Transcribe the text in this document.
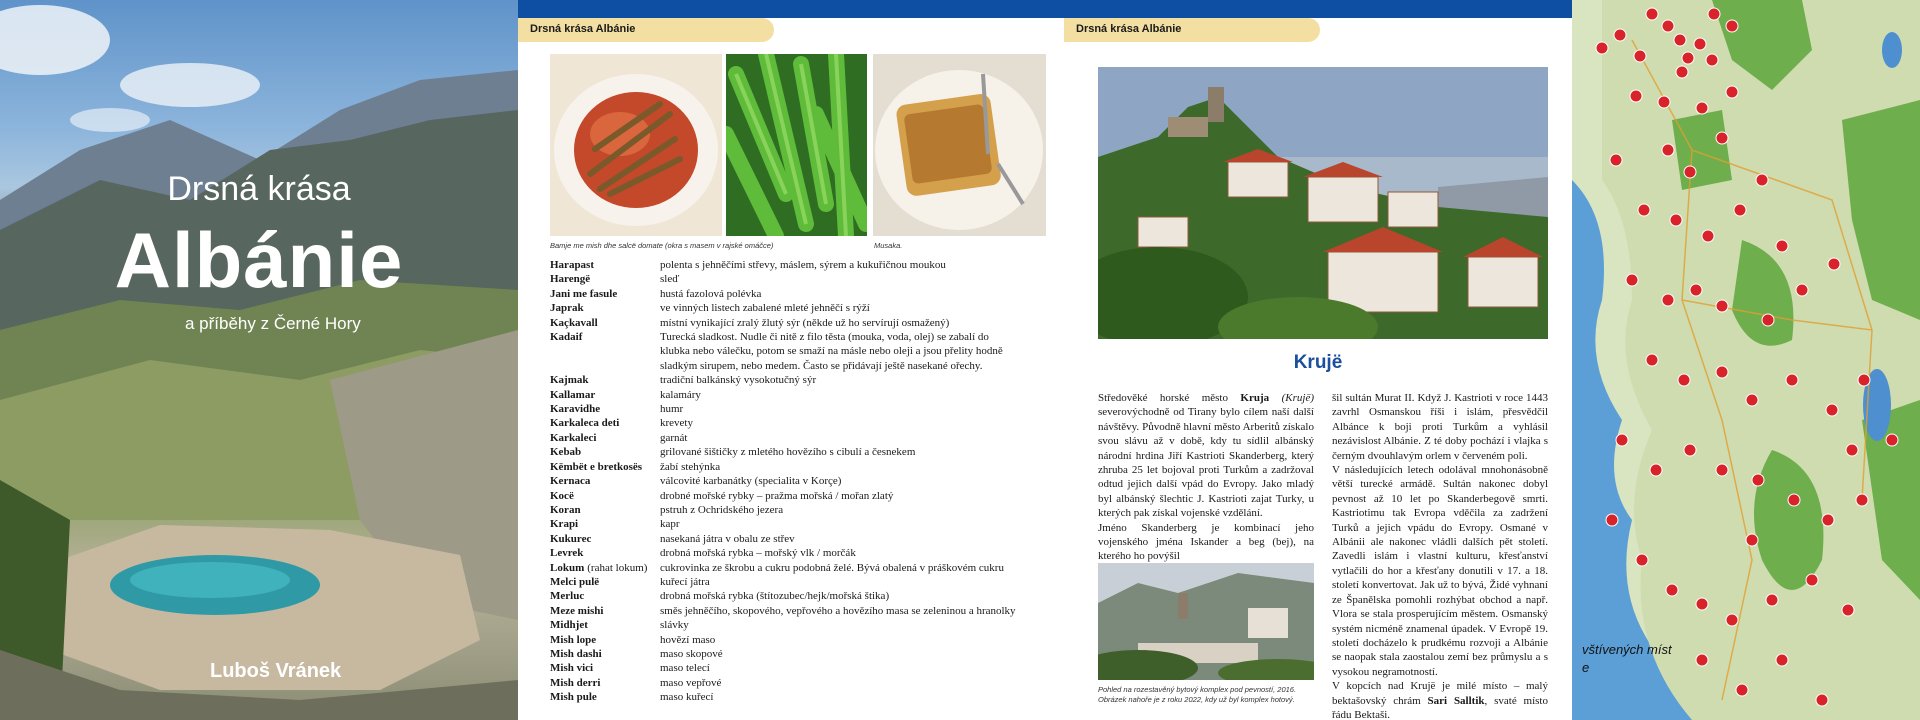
Drsná krása
Albánie
a příběhy z Černé Hory
Luboš Vránek
Drsná krása Albánie
Bamje me mish dhe salcë domate (okra s masem v rajské omáčce)	Musaka.
Harapast	polenta s jehněčími střevy, máslem, sýrem a kukuřičnou moukou
Harengë	sleď
Jani me fasule	hustá fazolová polévka
Japrak	ve vinných listech zabalené mleté jehněčí s rýží
Kaçkavall	místní vynikající zralý žlutý sýr (někde už ho servírují osmažený)
Kadaif	Turecká sladkost. Nudle či nitě z filo těsta (mouka, voda, olej) se zabalí do
klubka nebo válečku, potom se smaží na másle nebo oleji a jsou přelity hodně
sladkým sirupem, nebo medem. Často se přidávají ještě nasekané ořechy.
Kajmak	tradiční balkánský vysokotučný sýr
Kallamar	kalamáry
Karavidhe	humr
Karkaleca deti	krevety
Karkaleci	garnát
Kebab	grilované šištičky z mletého hovězího s cibulí a česnekem
Këmbët e bretkosës	žabí stehýnka
Kernaca	válcovité karbanátky (specialita v Korçe)
Kocë	drobné mořské rybky – pražma mořská / mořan zlatý
Koran	pstruh z Ochridského jezera
Krapi	kapr
Kukurec	nasekaná játra v obalu ze střev
Levrek	drobná mořská rybka – mořský vlk / morčák
Lokum (rahat lokum)	cukrovinka ze škrobu a cukru podobná želé. Bývá obalená v práškovém cukru
Melci pulë	kuřecí játra
Merluc	drobná mořská rybka (štítozubec/hejk/mořská štika)
Meze mishi	směs jehněčího, skopového, vepřového a hovězího masa se zeleninou a hranolky
Midhjet	slávky
Mish lope	hovězí maso
Mish dashi	maso skopové
Mish vici	maso telecí
Mish derri	maso vepřové
Mish pule	maso kuřecí
Drsná krása Albánie
Krujë

Středověké horské město Kruja (Krujë) severovýchodně od Tirany bylo cílem naší další návštěvy. Původně hlavní město Arberitů získalo svou slávu až v době, kdy tu sídlil albánský národní hrdina Jiří Kastrioti Skanderberg, který zhruba 25 let bojoval proti Turkům a zadržoval odtud jejich další vpád do Evropy. Jako mladý byl albánský šlechtic J. Kastrioti zajat Turky, u kterých pak získal vojenské vzdělání.

Jméno Skanderberg je kombinací jeho vojenského jména Iskander a beg (bej), na kterého ho povýšil

Pohled na rozestavěný bytový komplex pod pevností, 2016. Obrázek nahoře je z roku 2022, kdy už byl komplex hotový.

šil sultán Murat II. Když J. Kastrioti v roce 1443 zavrhl Osmanskou říši i islám, přesvědčil Albánce k boji proti Turkům a vyhlásil nezávislost Albánie. Z té doby pochází i vlajka s černým dvouhlavým orlem v červeném poli.

V následujících letech odolával mnohonásobně větší turecké armádě. Sultán nakonec dobyl pevnost až 10 let po Skanderbegově smrti. Kastriotimu tak Evropa vděčila za zadržení Turků a jejich vpádu do Evropy. Osmané v Albánii ale nakonec vládli dalších pět století. Zavedli islám i vlastní kulturu, křesťanství vytlačili do hor a křesťany donutili v 17. a 18. století konvertovat. Jak už to bývá, Židé vyhnaní ze Španělska pomohli rozhýbat obchod a např. Vlora se stala prosperujícím městem. Osmanský systém nicméně znamenal úpadek. V Evropě 19. století docházelo k prudkému rozvoji a Albánie se naopak stala zaostalou zemí bez průmyslu a s vysokou negramotností.

V kopcích nad Krujë je milé místo – malý bektašovský chrám Sari Salltik, svaté místo řádu Bektaši.

vštívených míst
e
